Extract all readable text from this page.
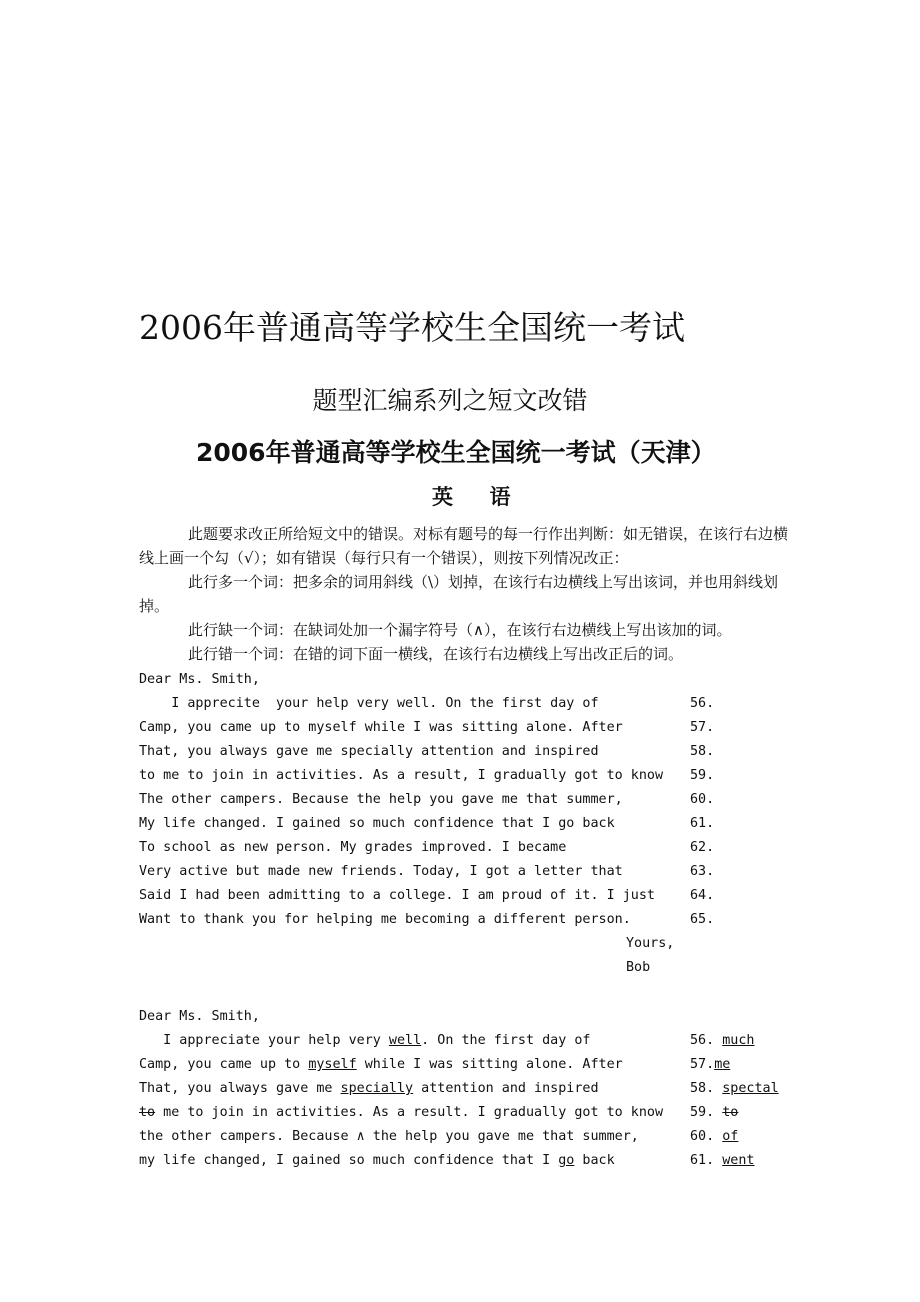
2006年普通高等学校生全国统一考试
题型汇编系列之短文改错
2006年普通高等学校生全国统一考试（天津）
英     语

此题要求改正所给短文中的错误。对标有题号的每一行作出判断：如无错误，在该行右边横线上画一个勾（√）；如有错误（每行只有一个错误），则按下列情况改正：

此行多一个词：把多余的词用斜线（\）划掉，在该行右边横线上写出该词，并也用斜线划掉。

此行缺一个词：在缺词处加一个漏字符号（∧），在该行右边横线上写出该加的词。

此行错一个词：在错的词下面一横线，在该行右边横线上写出改正后的词。

Dear Ms. Smith,
I apprecite  your help very well. On the first day of	56.
Camp, you came up to myself while I was sitting alone. After	57.
That, you always gave me specially attention and inspired	58.
to me to join in activities. As a result, I gradually got to know 59.
The other campers. Because the help you gave me that summer,	60.
My life changed. I gained so much confidence that I go back	61.
To school as new person. My grades improved. I became	62.
Very active but made new friends. Today, I got a letter that	63.
Said I had been admitting to a college. I am proud of it. I just	64.
Want to thank you for helping me becoming a different person.	65.
Yours,
Bob
Dear Ms. Smith,
I appreciate your help very well. On the first day of	56. much
Camp, you came up to myself while I was sitting alone. After	57.me
That, you always gave me specially attention and inspired	58. spectal
to me to join in activities. As a result. I gradually got to know 59. to
the other campers. Because ∧ the help you gave me that summer,	60. of
my life changed, I gained so much confidence that I go back	61. went
